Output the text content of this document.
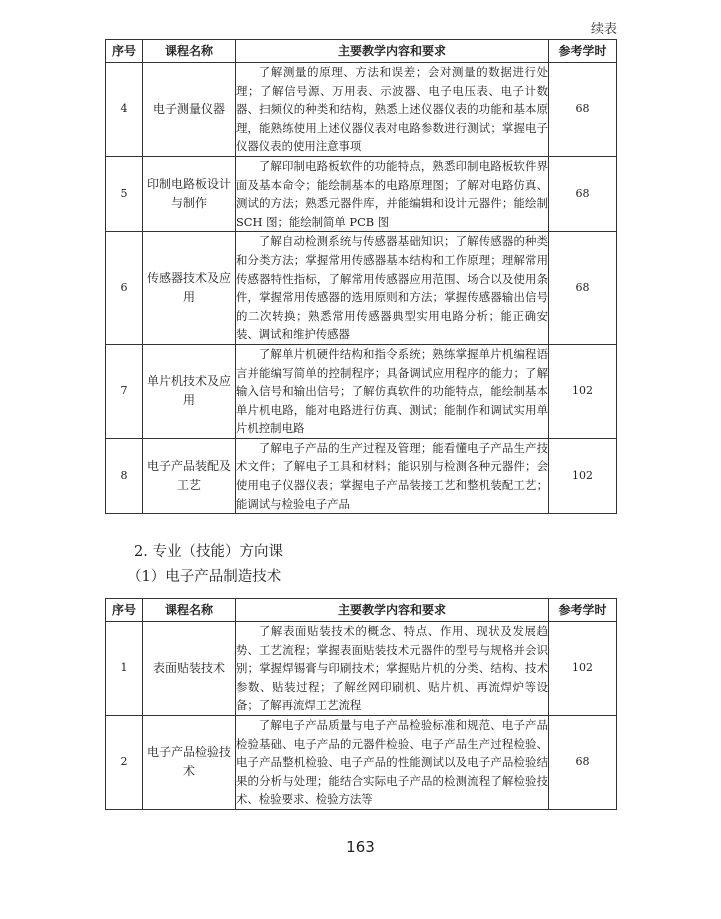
续表
序号	课程名称	主要教学内容和要求	参考学时
4	电子测量仪器	了解测量的原理、方法和误差；会对测量的数据进行处理；了解信号源、万用表、示波器、电子电压表、电子计数器、扫频仪的种类和结构，熟悉上述仪器仪表的功能和基本原理，能熟练使用上述仪器仪表对电路参数进行测试；掌握电子仪器仪表的使用注意事项	68
5	印制电路板设计与制作	了解印制电路板软件的功能特点，熟悉印制电路板软件界面及基本命令；能绘制基本的电路原理图；了解对电路仿真、测试的方法；熟悉元器件库，并能编辑和设计元器件；能绘制 SCH 图；能绘制简单 PCB 图	68
6	传感器技术及应用	了解自动检测系统与传感器基础知识；了解传感器的种类和分类方法；掌握常用传感器基本结构和工作原理；理解常用传感器特性指标，了解常用传感器应用范围、场合以及使用条件，掌握常用传感器的选用原则和方法；掌握传感器输出信号的二次转换；熟悉常用传感器典型实用电路分析；能正确安装、调试和维护传感器	68
7	单片机技术及应用	了解单片机硬件结构和指令系统；熟练掌握单片机编程语言并能编写简单的控制程序；具备调试应用程序的能力；了解输入信号和输出信号；了解仿真软件的功能特点，能绘制基本单片机电路，能对电路进行仿真、测试；能制作和调试实用单片机控制电路	102
8	电子产品装配及工艺	了解电子产品的生产过程及管理；能看懂电子产品生产技术文件；了解电子工具和材料；能识别与检测各种元器件；会使用电子仪器仪表；掌握电子产品装接工艺和整机装配工艺；能调试与检验电子产品	102
2. 专业（技能）方向课
（1）电子产品制造技术
序号	课程名称	主要教学内容和要求	参考学时
1	表面贴装技术	了解表面贴装技术的概念、特点、作用、现状及发展趋势、工艺流程；掌握表面贴装技术元器件的型号与规格并会识别；掌握焊锡膏与印刷技术；掌握贴片机的分类、结构、技术参数、贴装过程；了解丝网印刷机、贴片机、再流焊炉等设备；了解再流焊工艺流程	102
2	电子产品检验技术	了解电子产品质量与电子产品检验标准和规范、电子产品检验基础、电子产品的元器件检验、电子产品生产过程检验、电子产品整机检验、电子产品的性能测试以及电子产品检验结果的分析与处理；能结合实际电子产品的检测流程了解检验技术、检验要求、检验方法等	68
163
